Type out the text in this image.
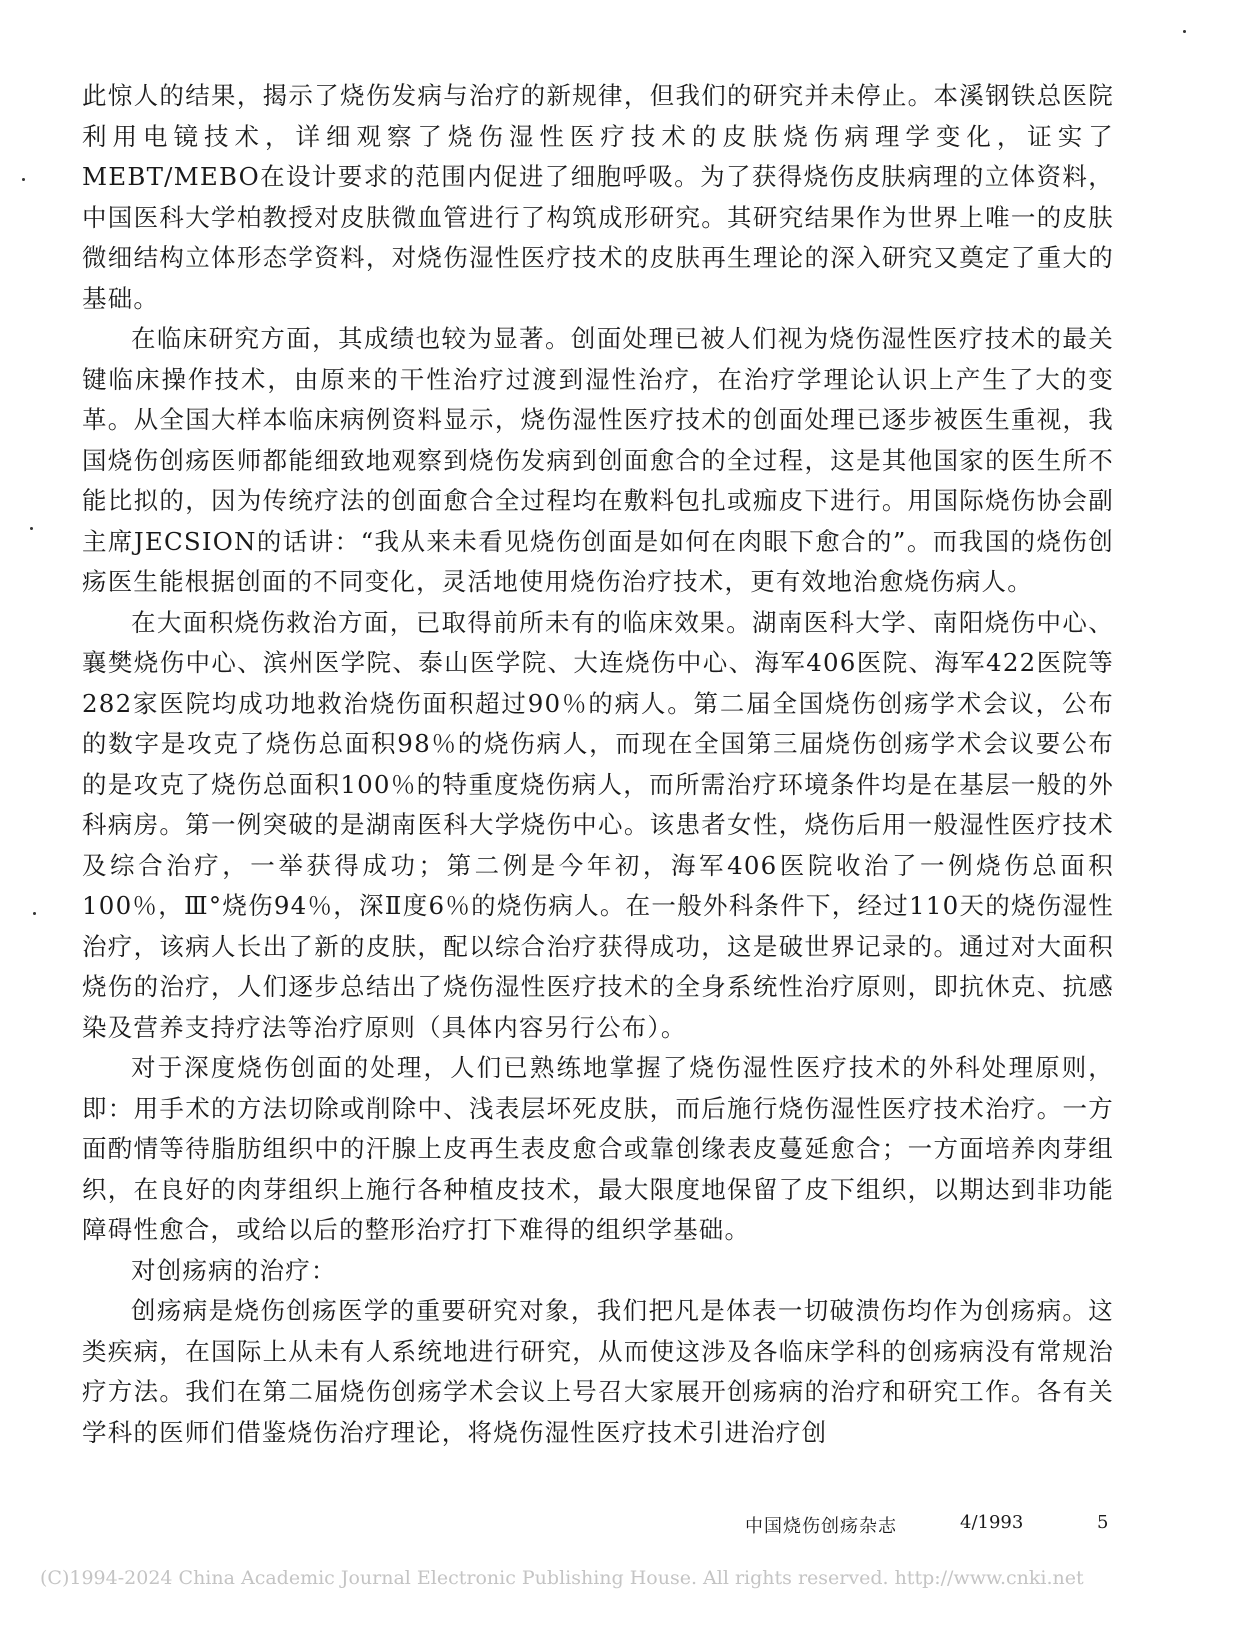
此惊人的结果，揭示了烧伤发病与治疗的新规律，但我们的研究并未停止。本溪钢铁总医院利用电镜技术，详细观察了烧伤湿性医疗技术的皮肤烧伤病理学变化，证实了MEBT/MEBO在设计要求的范围内促进了细胞呼吸。为了获得烧伤皮肤病理的立体资料，中国医科大学柏教授对皮肤微血管进行了构筑成形研究。其研究结果作为世界上唯一的皮肤微细结构立体形态学资料，对烧伤湿性医疗技术的皮肤再生理论的深入研究又奠定了重大的基础。

在临床研究方面，其成绩也较为显著。创面处理已被人们视为烧伤湿性医疗技术的最关键临床操作技术，由原来的干性治疗过渡到湿性治疗，在治疗学理论认识上产生了大的变革。从全国大样本临床病例资料显示，烧伤湿性医疗技术的创面处理已逐步被医生重视，我国烧伤创疡医师都能细致地观察到烧伤发病到创面愈合的全过程，这是其他国家的医生所不能比拟的，因为传统疗法的创面愈合全过程均在敷料包扎或痂皮下进行。用国际烧伤协会副主席JECSION的话讲：“我从来未看见烧伤创面是如何在肉眼下愈合的”。而我国的烧伤创疡医生能根据创面的不同变化，灵活地使用烧伤治疗技术，更有效地治愈烧伤病人。

在大面积烧伤救治方面，已取得前所未有的临床效果。湖南医科大学、南阳烧伤中心、襄樊烧伤中心、滨州医学院、泰山医学院、大连烧伤中心、海军406医院、海军422医院等282家医院均成功地救治烧伤面积超过90％的病人。第二届全国烧伤创疡学术会议，公布的数字是攻克了烧伤总面积98％的烧伤病人，而现在全国第三届烧伤创疡学术会议要公布的是攻克了烧伤总面积100％的特重度烧伤病人，而所需治疗环境条件均是在基层一般的外科病房。第一例突破的是湖南医科大学烧伤中心。该患者女性，烧伤后用一般湿性医疗技术及综合治疗，一举获得成功；第二例是今年初，海军406医院收治了一例烧伤总面积100％，Ⅲ°烧伤94％，深Ⅱ度6％的烧伤病人。在一般外科条件下，经过110天的烧伤湿性治疗，该病人长出了新的皮肤，配以综合治疗获得成功，这是破世界记录的。通过对大面积烧伤的治疗，人们逐步总结出了烧伤湿性医疗技术的全身系统性治疗原则，即抗休克、抗感染及营养支持疗法等治疗原则（具体内容另行公布）。

对于深度烧伤创面的处理，人们已熟练地掌握了烧伤湿性医疗技术的外科处理原则，即：用手术的方法切除或削除中、浅表层坏死皮肤，而后施行烧伤湿性医疗技术治疗。一方面酌情等待脂肪组织中的汗腺上皮再生表皮愈合或靠创缘表皮蔓延愈合；一方面培养肉芽组织，在良好的肉芽组织上施行各种植皮技术，最大限度地保留了皮下组织，以期达到非功能障碍性愈合，或给以后的整形治疗打下难得的组织学基础。

对创疡病的治疗：

创疡病是烧伤创疡医学的重要研究对象，我们把凡是体表一切破溃伤均作为创疡病。这类疾病，在国际上从未有人系统地进行研究，从而使这涉及各临床学科的创疡病没有常规治疗方法。我们在第二届烧伤创疡学术会议上号召大家展开创疡病的治疗和研究工作。各有关学科的医师们借鉴烧伤治疗理论，将烧伤湿性医疗技术引进治疗创

中国烧伤创疡杂志	4/1993	5
(C)1994-2024 China Academic Journal Electronic Publishing House. All rights reserved. http://www.cnki.net
